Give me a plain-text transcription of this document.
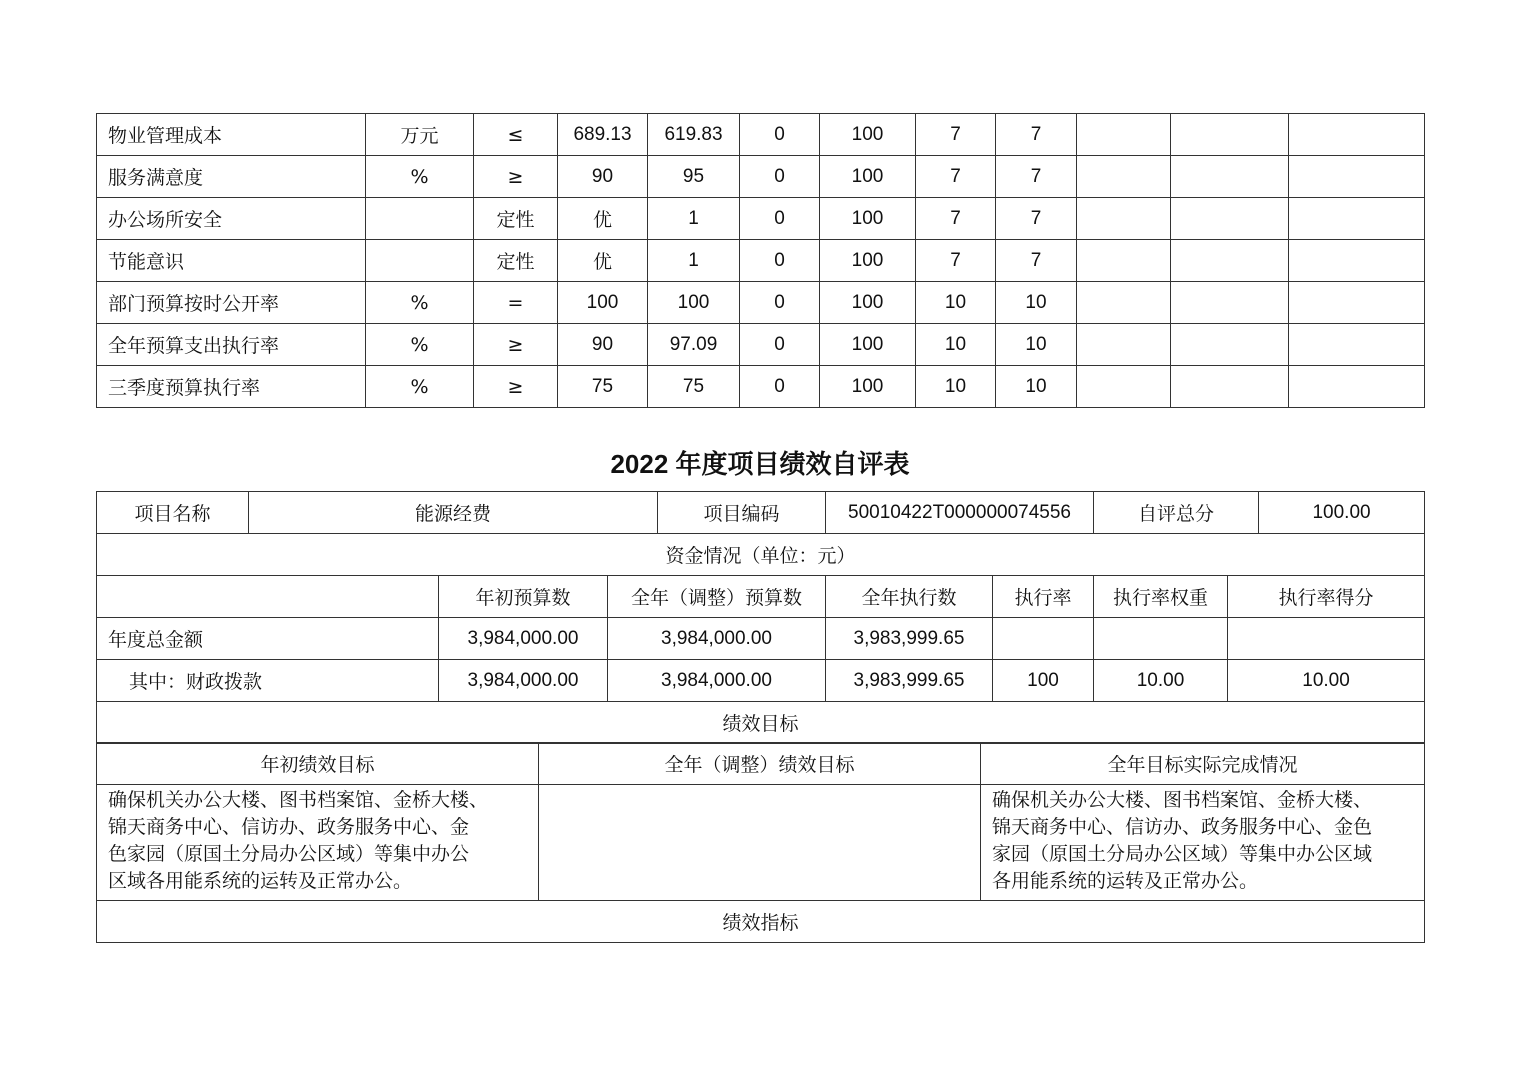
物业管理成本	万元	≤	689.13	619.83	0	100	7	7			
服务满意度	%	≥	90	95	0	100	7	7			
办公场所安全		定性	优	1	0	100	7	7			
节能意识		定性	优	1	0	100	7	7			
部门预算按时公开率	%	=	100	100	0	100	10	10			
全年预算支出执行率	%	≥	90	97.09	0	100	10	10			
三季度预算执行率	%	≥	75	75	0	100	10	10			
2022 年度项目绩效自评表
项目名称	能源经费			项目编码	50010422T000000074556		自评总分		100.00
资金情况（单位：元）									
		年初预算数	全年（调整）预算数		全年执行数	执行率	执行率权重	执行率得分	
年度总金额		3,984,000.00	3,984,000.00		3,983,999.65				
其中：财政拨款		3,984,000.00	3,984,000.00		3,983,999.65	100	10.00	10.00	
绩效目标									
年初绩效目标	全年（调整）绩效目标	全年目标实际完成情况

确保机关办公大楼、图书档案馆、金桥大楼、
锦天商务中心、信访办、政务服务中心、金
色家园（原国土分局办公区域）等集中办公
区域各用能系统的运转及正常办公。		确保机关办公大楼、图书档案馆、金桥大楼、
锦天商务中心、信访办、政务服务中心、金色
家园（原国土分局办公区域）等集中办公区域
各用能系统的运转及正常办公。

绩效指标		
